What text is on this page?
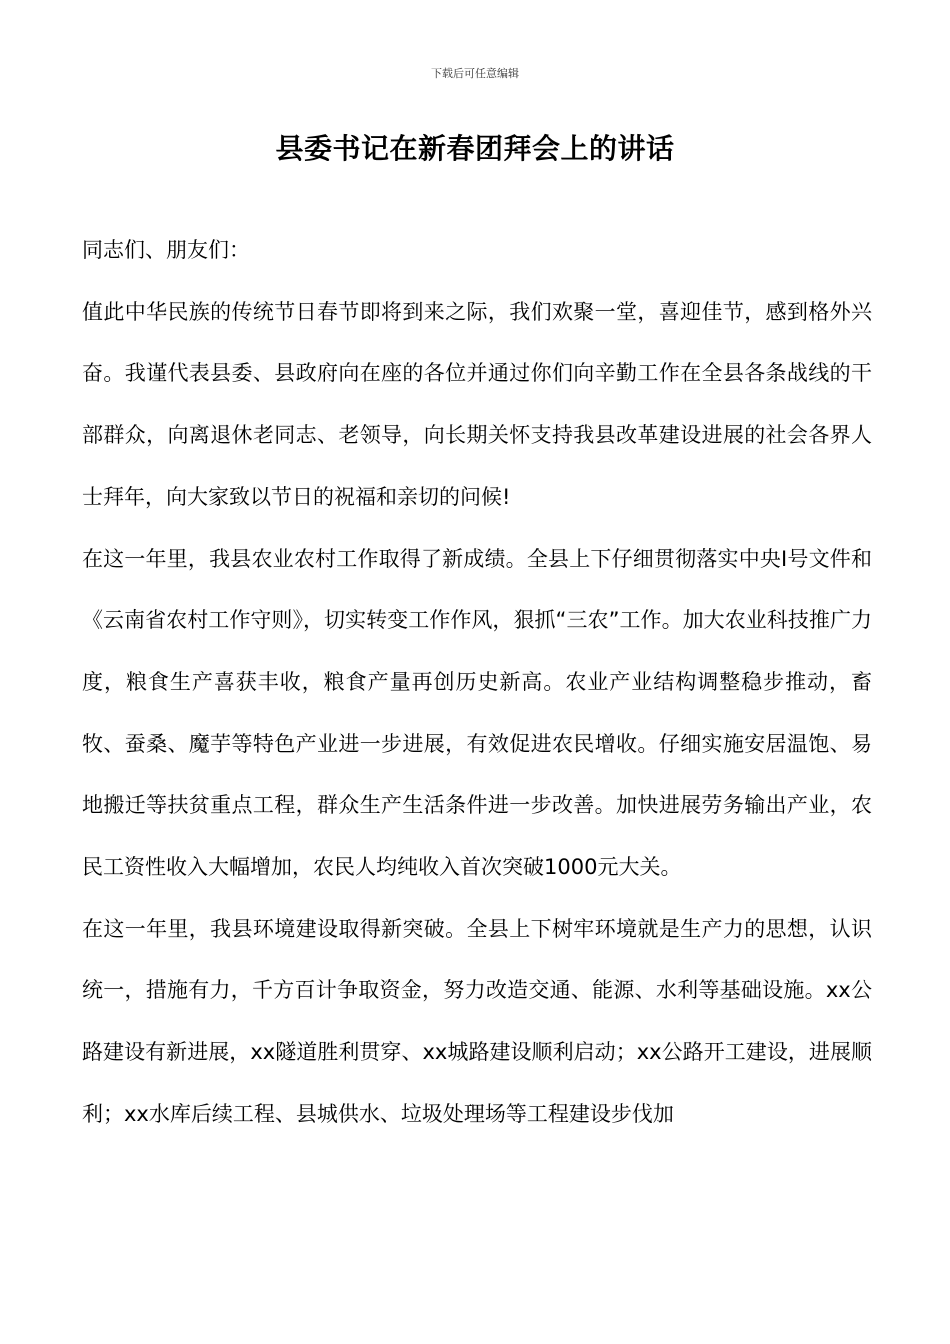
下载后可任意编辑
县委书记在新春团拜会上的讲话

同志们、朋友们：

值此中华民族的传统节日春节即将到来之际，我们欢聚一堂，喜迎佳节，感到格外兴奋。我谨代表县委、县政府向在座的各位并通过你们向辛勤工作在全县各条战线的干部群众，向离退休老同志、老领导，向长期关怀支持我县改革建设进展的社会各界人士拜年，向大家致以节日的祝福和亲切的问候!

在这一年里，我县农业农村工作取得了新成绩。全县上下仔细贯彻落实中央Ⅰ号文件和《云南省农村工作守则》，切实转变工作作风，狠抓“三农”工作。加大农业科技推广力度，粮食生产喜获丰收，粮食产量再创历史新高。农业产业结构调整稳步推动，畜牧、蚕桑、魔芋等特色产业进一步进展，有效促进农民增收。仔细实施安居温饱、易地搬迁等扶贫重点工程，群众生产生活条件进一步改善。加快进展劳务输出产业，农民工资性收入大幅增加，农民人均纯收入首次突破1000元大关。

在这一年里，我县环境建设取得新突破。全县上下树牢环境就是生产力的思想，认识统一，措施有力，千方百计争取资金，努力改造交通、能源、水利等基础设施。xx公路建设有新进展，xx隧道胜利贯穿、xx城路建设顺利启动；xx公路开工建设，进展顺利；xx水库后续工程、县城供水、垃圾处理场等工程建设步伐加
